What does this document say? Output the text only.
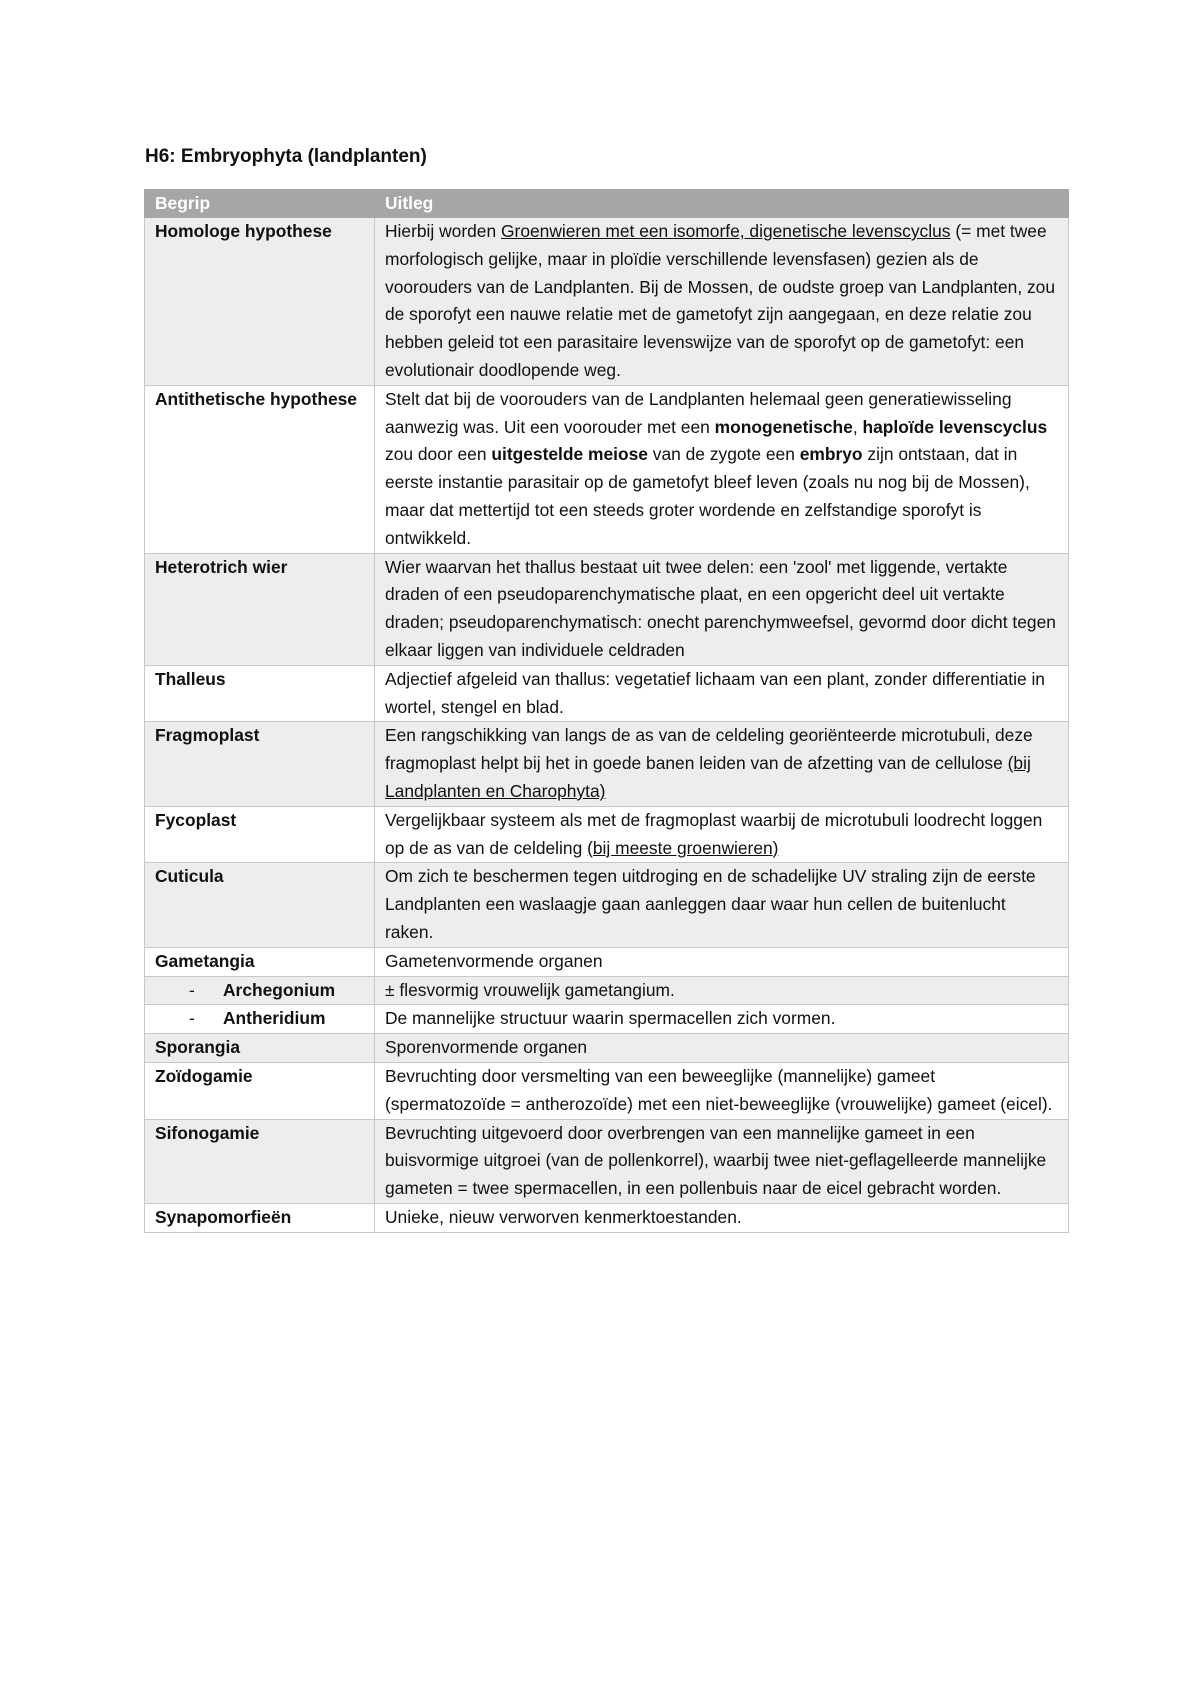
H6: Embryophyta (landplanten)
Begrip	Uitleg
Homologe hypothese	Hierbij worden Groenwieren met een isomorfe, digenetische levenscyclus (= met twee morfologisch gelijke, maar in ploïdie verschillende levensfasen) gezien als de voorouders van de Landplanten. Bij de Mossen, de oudste groep van Landplanten, zou de sporofyt een nauwe relatie met de gametofyt zijn aangegaan, en deze relatie zou hebben geleid tot een parasitaire levenswijze van de sporofyt op de gametofyt: een evolutionair doodlopende weg.
Antithetische hypothese	Stelt dat bij de voorouders van de Landplanten helemaal geen generatiewisseling aanwezig was. Uit een voorouder met een monogenetische, haploïde levenscyclus zou door een uitgestelde meiose van de zygote een embryo zijn ontstaan, dat in eerste instantie parasitair op de gametofyt bleef leven (zoals nu nog bij de Mossen), maar dat mettertijd tot een steeds groter wordende en zelfstandige sporofyt is ontwikkeld.
Heterotrich wier	Wier waarvan het thallus bestaat uit twee delen: een 'zool' met liggende, vertakte draden of een pseudoparenchymatische plaat, en een opgericht deel uit vertakte draden; pseudoparenchymatisch: onecht parenchymweefsel, gevormd door dicht tegen elkaar liggen van individuele celdraden
Thalleus	Adjectief afgeleid van thallus: vegetatief lichaam van een plant, zonder differentiatie in wortel, stengel en blad.
Fragmoplast	Een rangschikking van langs de as van de celdeling georiënteerde microtubuli, deze fragmoplast helpt bij het in goede banen leiden van de afzetting van de cellulose (bij Landplanten en Charophyta)
Fycoplast	Vergelijkbaar systeem als met de fragmoplast waarbij de microtubuli loodrecht loggen op de as van de celdeling (bij meeste groenwieren)
Cuticula	Om zich te beschermen tegen uitdroging en de schadelijke UV straling zijn de eerste Landplanten een waslaagje gaan aanleggen daar waar hun cellen de buitenlucht raken.
Gametangia	Gametenvormende organen
- Archegonium	± flesvormig vrouwelijk gametangium.
- Antheridium	De mannelijke structuur waarin spermacellen zich vormen.
Sporangia	Sporenvormende organen
Zoïdogamie	Bevruchting door versmelting van een beweeglijke (mannelijke) gameet (spermatozoïde = antherozoïde) met een niet-beweeglijke (vrouwelijke) gameet (eicel).
Sifonogamie	Bevruchting uitgevoerd door overbrengen van een mannelijke gameet in een buisvormige uitgroei (van de pollenkorrel), waarbij twee niet-geflagelleerde mannelijke gameten = twee spermacellen, in een pollenbuis naar de eicel gebracht worden.
Synapomorfieën	Unieke, nieuw verworven kenmerktoestanden.
